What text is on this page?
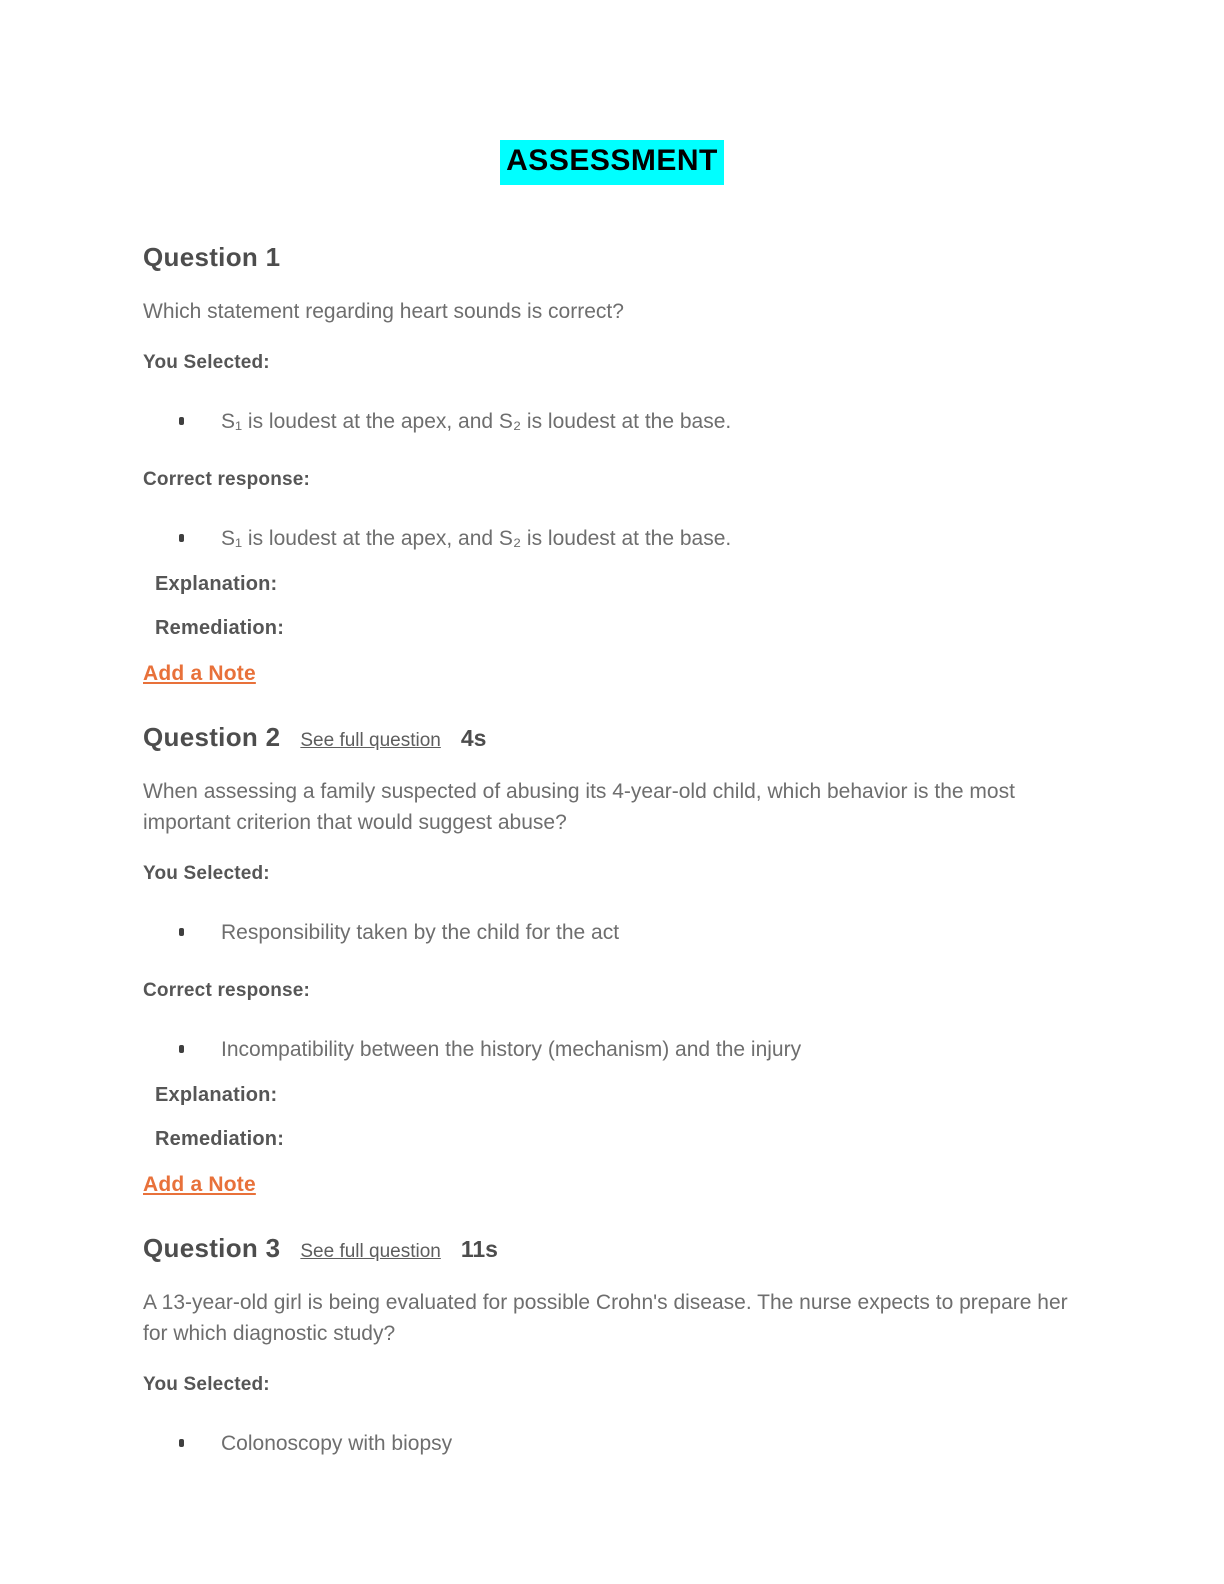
ASSESSMENT
Question 1

Which statement regarding heart sounds is correct?

You Selected:
S₁ is loudest at the apex, and S₂ is loudest at the base.
Correct response:
S₁ is loudest at the apex, and S₂ is loudest at the base.
Explanation:
Remediation:
Add a Note
Question 2 See full question 4s

When assessing a family suspected of abusing its 4-year-old child, which behavior is the most important criterion that would suggest abuse?

You Selected:
Responsibility taken by the child for the act
Correct response:
Incompatibility between the history (mechanism) and the injury
Explanation:
Remediation:
Add a Note
Question 3 See full question 11s

A 13-year-old girl is being evaluated for possible Crohn's disease. The nurse expects to prepare her for which diagnostic study?

You Selected:
Colonoscopy with biopsy
